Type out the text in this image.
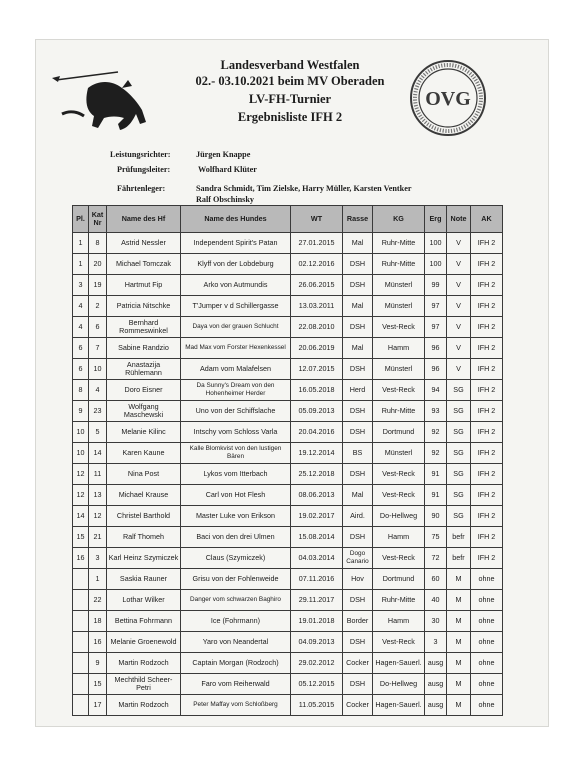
OVG
Landesverband Westfalen
02.- 03.10.2021 beim MV Oberaden
LV-FH-Turnier
Ergebnisliste IFH 2
Leistungsrichter:	Jürgen Knappe
Prüfungsleiter:	Wolfhard Klüter
Fährtenleger:	Sandra Schmidt, Tim Zielske, Harry Müller, Karsten Ventker
Ralf Obschinsky
Pl.	Kat Nr	Name des Hf	Name des Hundes	WT	Rasse	KG	Erg	Note	AK
1	8	Astrid Nessler	Independent Spirit's Patan	27.01.2015	Mal	Ruhr-Mitte	100	V	IFH 2
1	20	Michael Tomczak	Klyff von der Lobdeburg	02.12.2016	DSH	Ruhr-Mitte	100	V	IFH 2
3	19	Hartmut Fip	Arko von Autmundis	26.06.2015	DSH	Münsterl	99	V	IFH 2
4	2	Patricia Nitschke	T'Jumper v d Schillergasse	13.03.2011	Mal	Münsterl	97	V	IFH 2
4	6	Bernhard Rommeswinkel	Daya von der grauen Schlucht	22.08.2010	DSH	Vest-Reck	97	V	IFH 2
6	7	Sabine Randzio	Mad Max vom Forster Hexenkessel	20.06.2019	Mal	Hamm	96	V	IFH 2
6	10	Anastazija Rühlemann	Adam vom Malafelsen	12.07.2015	DSH	Münsterl	96	V	IFH 2
8	4	Doro Eisner	Da Sunny's Dream von den Hohenheimer Herder	16.05.2018	Herd	Vest-Reck	94	SG	IFH 2
9	23	Wolfgang Maschewski	Uno von der Schiffslache	05.09.2013	DSH	Ruhr-Mitte	93	SG	IFH 2
10	5	Melanie Kilinc	Intschy vom Schloss Varla	20.04.2016	DSH	Dortmund	92	SG	IFH 2
10	14	Karen Kaune	Kalle Blomkvist von den lustigen Bären	19.12.2014	BS	Münsterl	92	SG	IFH 2
12	11	Nina Post	Lykos vom Itterbach	25.12.2018	DSH	Vest-Reck	91	SG	IFH 2
12	13	Michael Krause	Carl von Hot Flesh	08.06.2013	Mal	Vest-Reck	91	SG	IFH 2
14	12	Christel Barthold	Master Luke von Erikson	19.02.2017	Aird.	Do-Hellweg	90	SG	IFH 2
15	21	Ralf Thomeh	Baci von den drei Ulmen	15.08.2014	DSH	Hamm	75	befr	IFH 2
16	3	Karl Heinz Szymiczek	Claus (Szymiczek)	04.03.2014	Dogo Canario	Vest-Reck	72	befr	IFH 2
	1	Saskia Rauner	Grisu von der Fohlenweide	07.11.2016	Hov	Dortmund	60	M	ohne
	22	Lothar Wilker	Danger vom schwarzen Baghiro	29.11.2017	DSH	Ruhr-Mitte	40	M	ohne
	18	Bettina Fohrmann	Ice (Fohrmann)	19.01.2018	Border	Hamm	30	M	ohne
	16	Melanie Groenewold	Yaro von Neandertal	04.09.2013	DSH	Vest-Reck	3	M	ohne
	9	Martin Rodzoch	Captain Morgan (Rodzoch)	29.02.2012	Cocker	Hagen-Sauerl.	ausg	M	ohne
	15	Mechthild Scheer-Petri	Faro vom Reiherwald	05.12.2015	DSH	Do-Hellweg	ausg	M	ohne
	17	Martin Rodzoch	Peter Maffay vom Schloßberg	11.05.2015	Cocker	Hagen-Sauerl.	ausg	M	ohne
